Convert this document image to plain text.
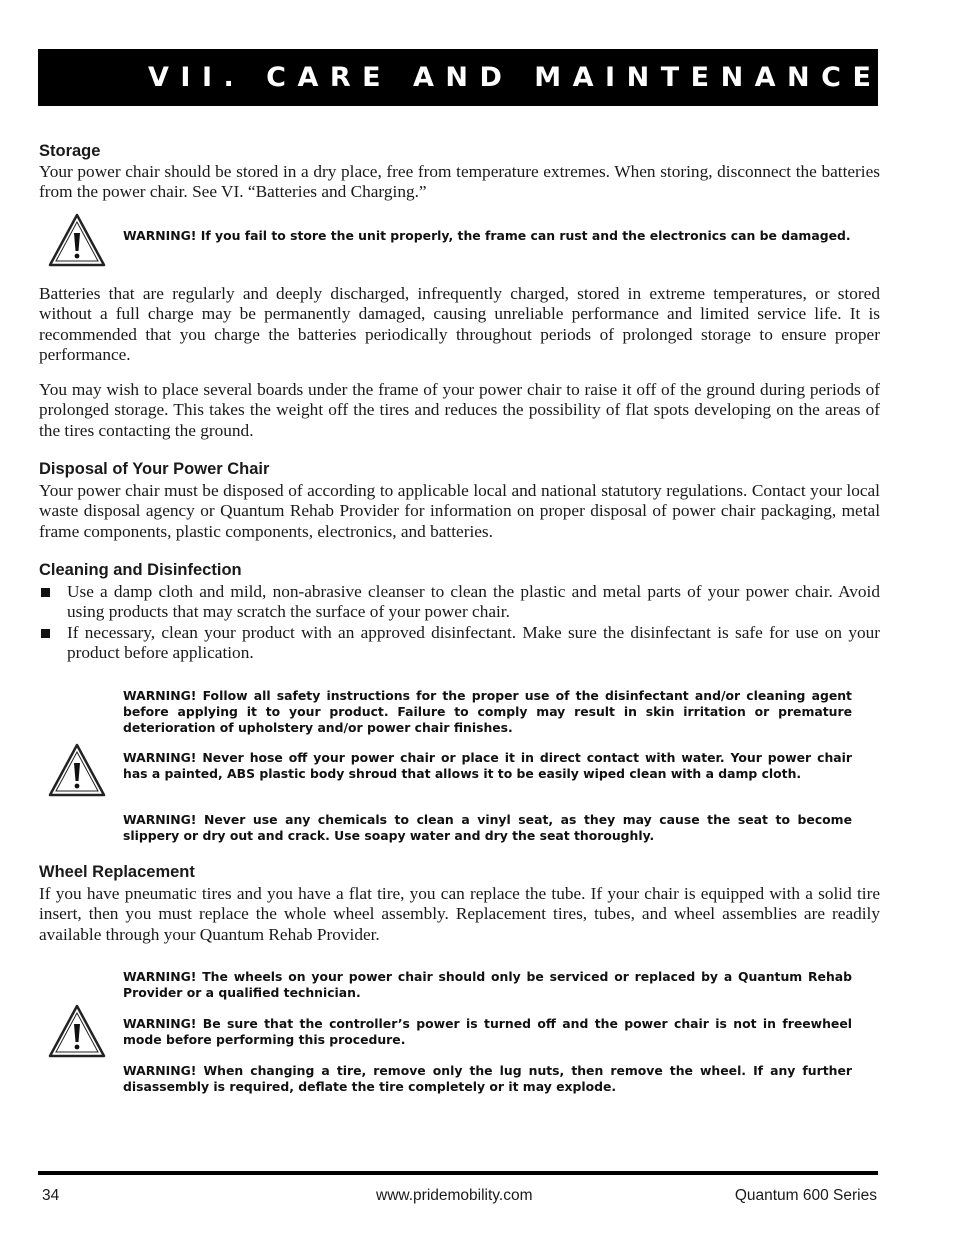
VII. CARE AND MAINTENANCE
Storage

Your power chair should be stored in a dry place, free from temperature extremes. When storing, disconnect the batteries from the power chair. See VI. “Batteries and Charging.”

WARNING! If you fail to store the unit properly, the frame can rust and the electronics can be damaged.

Batteries that are regularly and deeply discharged, infrequently charged, stored in extreme temperatures, or stored without a full charge may be permanently damaged, causing unreliable performance and limited service life. It is recommended that you charge the batteries periodically throughout periods of prolonged storage to ensure proper performance.

You may wish to place several boards under the frame of your power chair to raise it off of the ground during periods of prolonged storage. This takes the weight off the tires and reduces the possibility of flat spots developing on the areas of the tires contacting the ground.

Disposal of Your Power Chair

Your power chair must be disposed of according to applicable local and national statutory regulations. Contact your local waste disposal agency or Quantum Rehab Provider for information on proper disposal of power chair packaging, metal frame components, plastic components, electronics, and batteries.

Cleaning and Disinfection
Use a damp cloth and mild, non-abrasive cleanser to clean the plastic and metal parts of your power chair. Avoid using products that may scratch the surface of your power chair.
If necessary, clean your product with an approved disinfectant. Make sure the disinfectant is safe for use on your product before application.

WARNING! Follow all safety instructions for the proper use of the disinfectant and/or cleaning agent before applying it to your product. Failure to comply may result in skin irritation or premature deterioration of upholstery and/or power chair finishes.

WARNING! Never hose off your power chair or place it in direct contact with water. Your power chair has a painted, ABS plastic body shroud that allows it to be easily wiped clean with a damp cloth.

WARNING! Never use any chemicals to clean a vinyl seat, as they may cause the seat to become slippery or dry out and crack. Use soapy water and dry the seat thoroughly.

Wheel Replacement

If you have pneumatic tires and you have a flat tire, you can replace the tube. If your chair is equipped with a solid tire insert, then you must replace the whole wheel assembly. Replacement tires, tubes, and wheel assemblies are readily available through your Quantum Rehab Provider.

WARNING! The wheels on your power chair should only be serviced or replaced by a Quantum Rehab Provider or a qualified technician.

WARNING! Be sure that the controller’s power is turned off and the power chair is not in freewheel mode before performing this procedure.

WARNING! When changing a tire, remove only the lug nuts, then remove the wheel. If any further disassembly is required, deflate the tire completely or it may explode.

34	www.pridemobility.com	Quantum 600 Series
